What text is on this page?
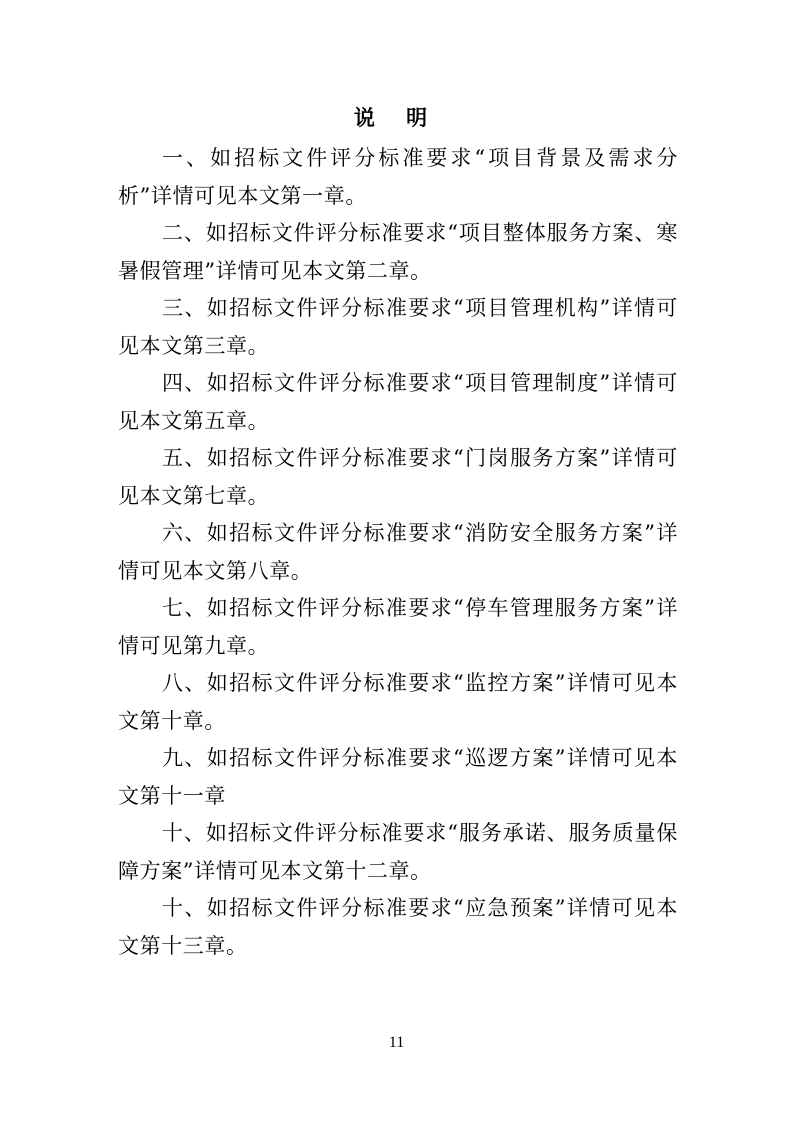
说 明

一、如招标文件评分标准要求“项目背景及需求分析”详情可见本文第一章。

二、如招标文件评分标准要求“项目整体服务方案、寒暑假管理”详情可见本文第二章。

三、如招标文件评分标准要求“项目管理机构”详情可见本文第三章。

四、如招标文件评分标准要求“项目管理制度”详情可见本文第五章。

五、如招标文件评分标准要求“门岗服务方案”详情可见本文第七章。

六、如招标文件评分标准要求“消防安全服务方案”详情可见本文第八章。

七、如招标文件评分标准要求“停车管理服务方案”详情可见第九章。

八、如招标文件评分标准要求“监控方案”详情可见本文第十章。

九、如招标文件评分标准要求“巡逻方案”详情可见本文第十一章

十、如招标文件评分标准要求“服务承诺、服务质量保障方案”详情可见本文第十二章。

十、如招标文件评分标准要求“应急预案”详情可见本文第十三章。

11
